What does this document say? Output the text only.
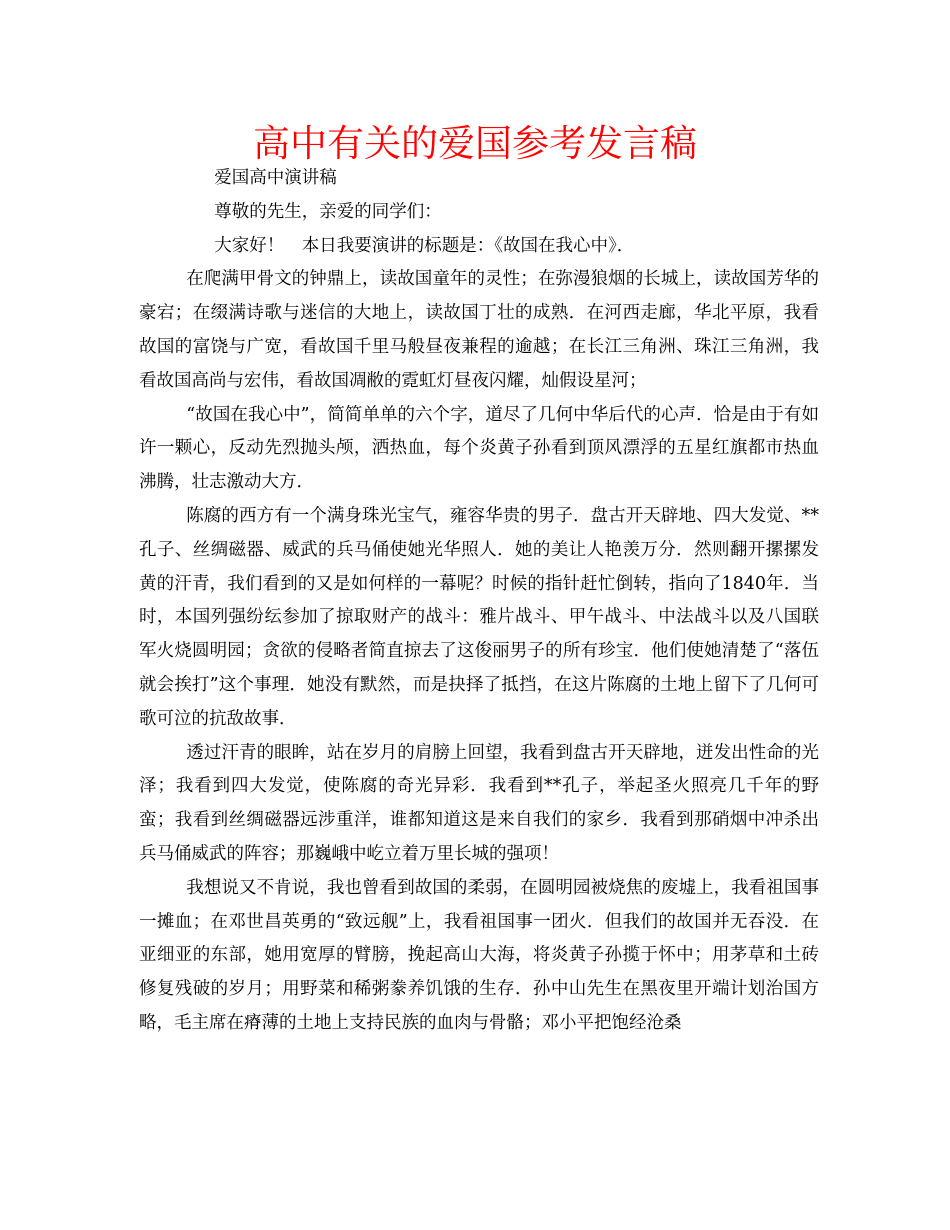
高中有关的爱国参考发言稿

爱国高中演讲稿

尊敬的先生，亲爱的同学们：

大家好！　本日我要演讲的标题是：《故国在我心中》．

在爬满甲骨文的钟鼎上，读故国童年的灵性；在弥漫狼烟的长城上，读故国芳华的豪宕；在缀满诗歌与迷信的大地上，读故国丁壮的成熟．在河西走廊，华北平原，我看故国的富饶与广宽，看故国千里马般昼夜兼程的逾越；在长江三角洲、珠江三角洲，我看故国高尚与宏伟，看故国凋敝的霓虹灯昼夜闪耀，灿假设星河；

“故国在我心中”，简简单单的六个字，道尽了几何中华后代的心声．恰是由于有如许一颗心，反动先烈抛头颅，洒热血，每个炎黄子孙看到顶风漂浮的五星红旗都市热血沸腾，壮志激动大方．

陈腐的西方有一个满身珠光宝气，雍容华贵的男子．盘古开天辟地、四大发觉、**孔子、丝绸磁器、威武的兵马俑使她光华照人．她的美让人艳羡万分．然则翻开摞摞发黄的汗青，我们看到的又是如何样的一幕呢？时候的指针赶忙倒转，指向了1840年．当时，本国列强纷纭参加了掠取财产的战斗：雅片战斗、甲午战斗、中法战斗以及八国联军火烧圆明园；贪欲的侵略者简直掠去了这俊丽男子的所有珍宝．他们使她清楚了“落伍就会挨打”这个事理．她没有默然，而是抉择了抵挡，在这片陈腐的土地上留下了几何可歌可泣的抗敌故事．

透过汗青的眼眸，站在岁月的肩膀上回望，我看到盘古开天辟地，迸发出性命的光泽；我看到四大发觉，使陈腐的奇光异彩．我看到**孔子，举起圣火照亮几千年的野蛮；我看到丝绸磁器远涉重洋，谁都知道这是来自我们的家乡．我看到那硝烟中冲杀出兵马俑威武的阵容；那巍峨中屹立着万里长城的强项！

我想说又不肯说，我也曾看到故国的柔弱，在圆明园被烧焦的废墟上，我看祖国事一摊血；在邓世昌英勇的“致远舰”上，我看祖国事一团火．但我们的故国并无吞没．在亚细亚的东部，她用宽厚的臂膀，挽起高山大海，将炎黄子孙揽于怀中；用茅草和土砖修复残破的岁月；用野菜和稀粥豢养饥饿的生存．孙中山先生在黑夜里开端计划治国方略，毛主席在瘠薄的土地上支持民族的血肉与骨骼；邓小平把饱经沧桑
